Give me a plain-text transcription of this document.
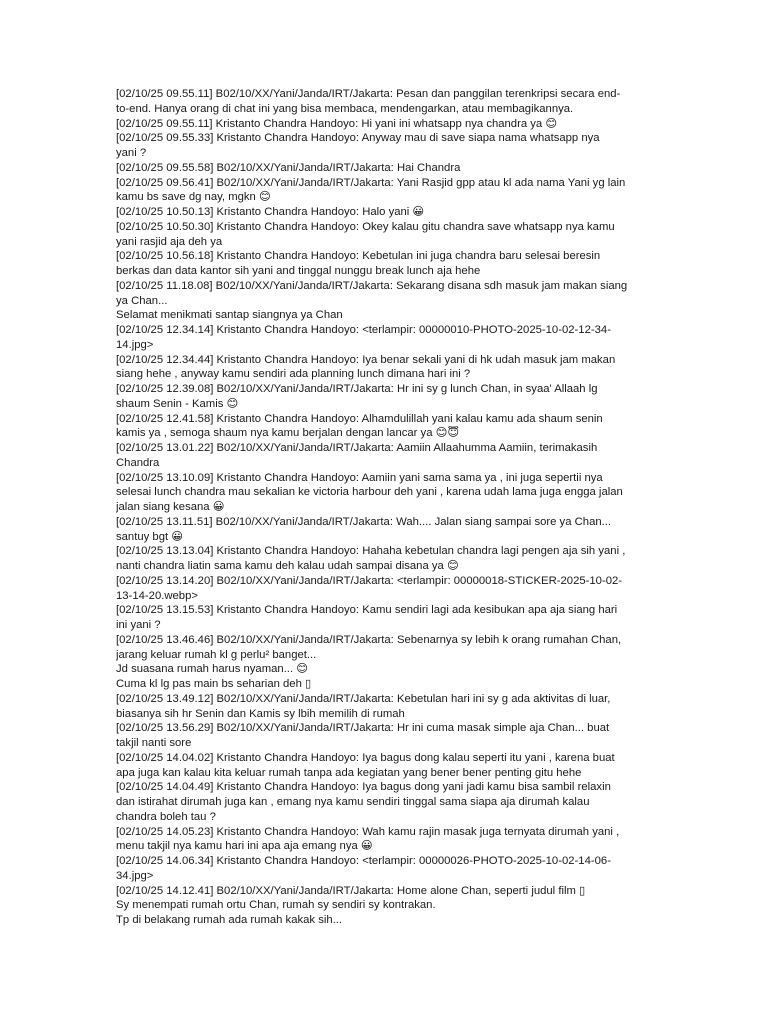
[02/10/25 09.55.11] B02/10/XX/Yani/Janda/IRT/Jakarta: Pesan dan panggilan terenkripsi secara end-
to-end. Hanya orang di chat ini yang bisa membaca, mendengarkan, atau membagikannya.
[02/10/25 09.55.11] Kristanto Chandra Handoyo: Hi yani ini whatsapp nya chandra ya 😊
[02/10/25 09.55.33] Kristanto Chandra Handoyo: Anyway mau di save siapa nama whatsapp nya
yani ?
[02/10/25 09.55.58] B02/10/XX/Yani/Janda/IRT/Jakarta: Hai Chandra
[02/10/25 09.56.41] B02/10/XX/Yani/Janda/IRT/Jakarta: Yani Rasjid gpp atau kl ada nama Yani yg lain
kamu bs save dg nay, mgkn 😊
[02/10/25 10.50.13] Kristanto Chandra Handoyo: Halo yani 😀
[02/10/25 10.50.30] Kristanto Chandra Handoyo: Okey kalau gitu chandra save whatsapp nya kamu
yani rasjid aja deh ya
[02/10/25 10.56.18] Kristanto Chandra Handoyo: Kebetulan ini juga chandra baru selesai beresin
berkas dan data kantor sih yani and tinggal nunggu break lunch aja hehe
[02/10/25 11.18.08] B02/10/XX/Yani/Janda/IRT/Jakarta: Sekarang disana sdh masuk jam makan siang
ya Chan...
Selamat menikmati santap siangnya ya Chan
[02/10/25 12.34.14] Kristanto Chandra Handoyo: <terlampir: 00000010-PHOTO-2025-10-02-12-34-
14.jpg>
[02/10/25 12.34.44] Kristanto Chandra Handoyo: Iya benar sekali yani di hk udah masuk jam makan
siang hehe , anyway kamu sendiri ada planning lunch dimana hari ini ?
[02/10/25 12.39.08] B02/10/XX/Yani/Janda/IRT/Jakarta: Hr ini sy g lunch Chan, in syaa' Allaah lg
shaum Senin - Kamis 😊
[02/10/25 12.41.58] Kristanto Chandra Handoyo: Alhamdulillah yani kalau kamu ada shaum senin
kamis ya , semoga shaum nya kamu berjalan dengan lancar ya 😊😇
[02/10/25 13.01.22] B02/10/XX/Yani/Janda/IRT/Jakarta: Aamiin Allaahumma Aamiin, terimakasih
Chandra
[02/10/25 13.10.09] Kristanto Chandra Handoyo: Aamiin yani sama sama ya , ini juga sepertii nya
selesai lunch chandra mau sekalian ke victoria harbour deh yani , karena udah lama juga engga jalan
jalan siang kesana 😀
[02/10/25 13.11.51] B02/10/XX/Yani/Janda/IRT/Jakarta: Wah.... Jalan siang sampai sore ya Chan...
santuy bgt 😀
[02/10/25 13.13.04] Kristanto Chandra Handoyo: Hahaha kebetulan chandra lagi pengen aja sih yani ,
nanti chandra liatin sama kamu deh kalau udah sampai disana ya 😊
[02/10/25 13.14.20] B02/10/XX/Yani/Janda/IRT/Jakarta: <terlampir: 00000018-STICKER-2025-10-02-
13-14-20.webp>
[02/10/25 13.15.53] Kristanto Chandra Handoyo: Kamu sendiri lagi ada kesibukan apa aja siang hari
ini yani ?
[02/10/25 13.46.46] B02/10/XX/Yani/Janda/IRT/Jakarta: Sebenarnya sy lebih k orang rumahan Chan,
jarang keluar rumah kl g perlu² banget...
Jd suasana rumah harus nyaman... 😊
Cuma kl lg pas main bs seharian deh ▯
[02/10/25 13.49.12] B02/10/XX/Yani/Janda/IRT/Jakarta: Kebetulan hari ini sy g ada aktivitas di luar,
biasanya sih hr Senin dan Kamis sy lbih memilih di rumah
[02/10/25 13.56.29] B02/10/XX/Yani/Janda/IRT/Jakarta: Hr ini cuma masak simple aja Chan... buat
takjil nanti sore
[02/10/25 14.04.02] Kristanto Chandra Handoyo: Iya bagus dong kalau seperti itu yani , karena buat
apa juga kan kalau kita keluar rumah tanpa ada kegiatan yang bener bener penting gitu hehe
[02/10/25 14.04.49] Kristanto Chandra Handoyo: Iya bagus dong yani jadi kamu bisa sambil relaxin
dan istirahat dirumah juga kan , emang nya kamu sendiri tinggal sama siapa aja dirumah kalau
chandra boleh tau ?
[02/10/25 14.05.23] Kristanto Chandra Handoyo: Wah kamu rajin masak juga ternyata dirumah yani ,
menu takjil nya kamu hari ini apa aja emang nya 😀
[02/10/25 14.06.34] Kristanto Chandra Handoyo: <terlampir: 00000026-PHOTO-2025-10-02-14-06-
34.jpg>
[02/10/25 14.12.41] B02/10/XX/Yani/Janda/IRT/Jakarta: Home alone Chan, seperti judul film ▯
Sy menempati rumah ortu Chan, rumah sy sendiri sy kontrakan.
Tp di belakang rumah ada rumah kakak sih...
